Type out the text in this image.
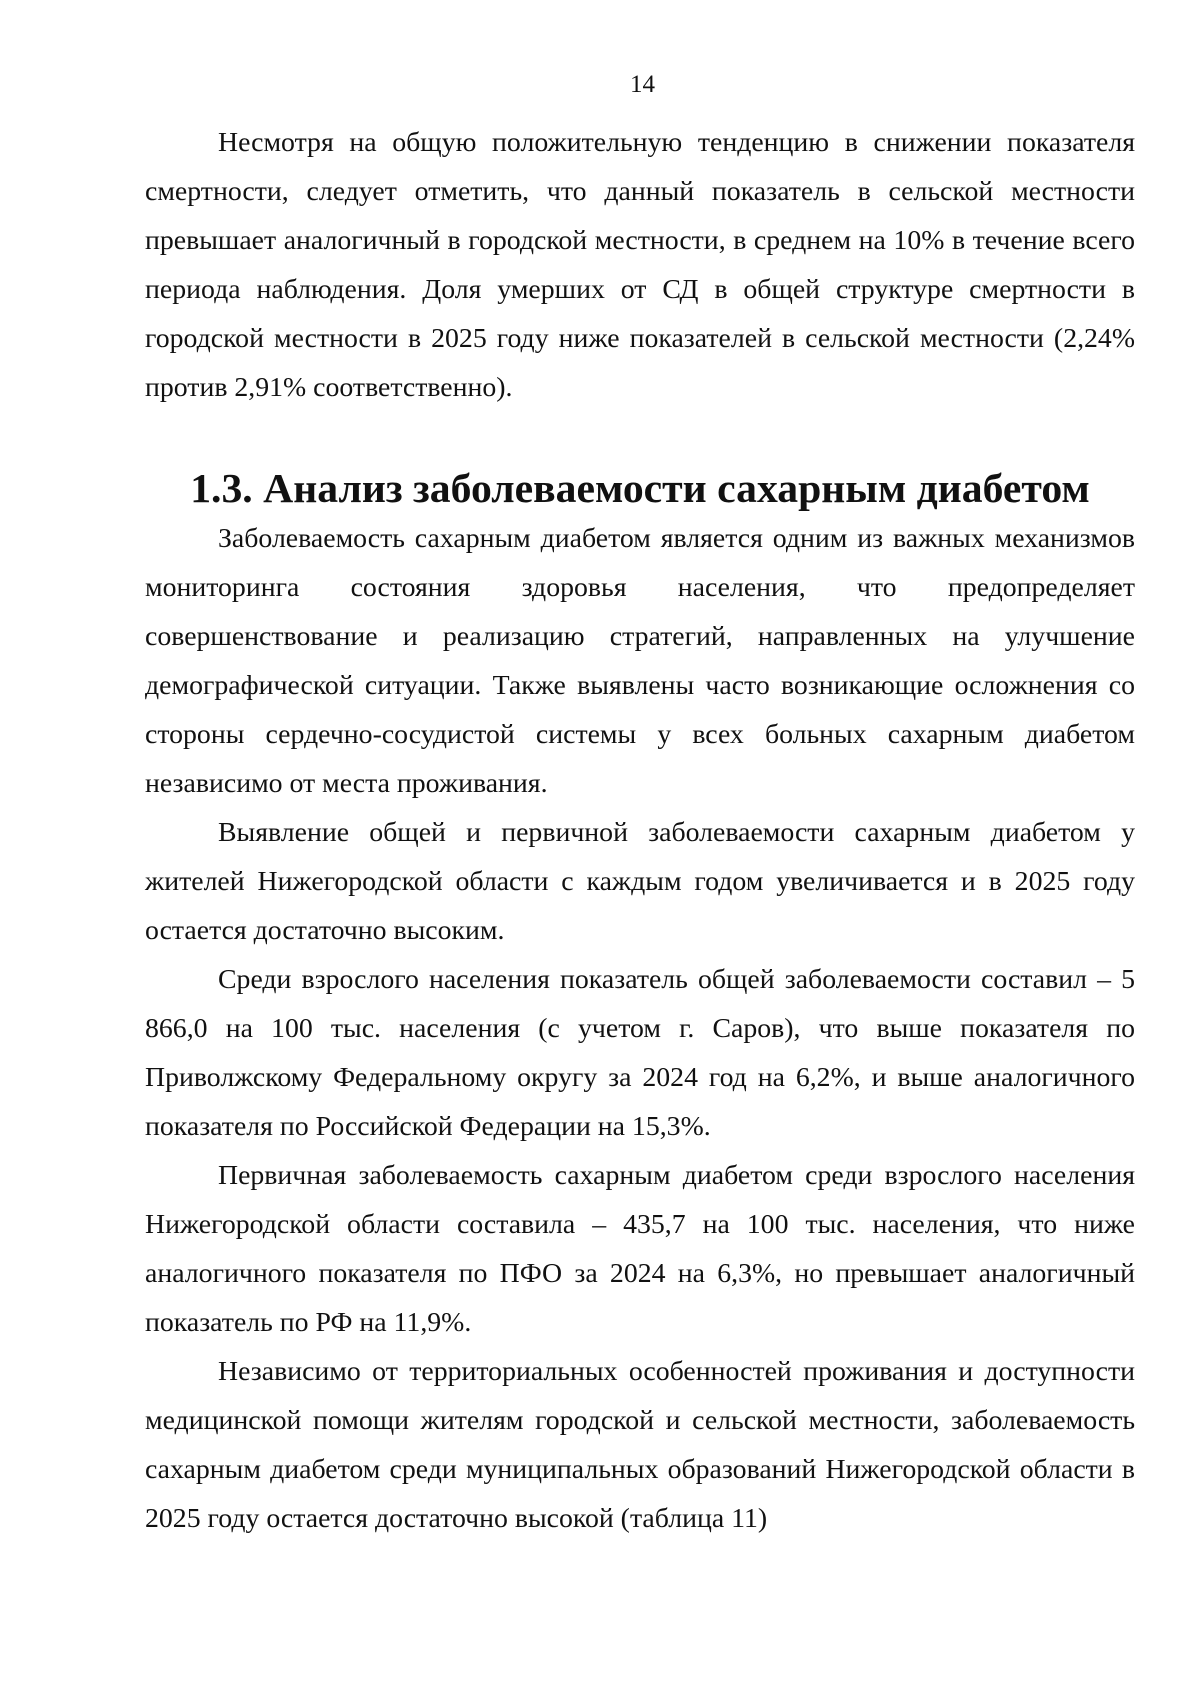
14

Несмотря на общую положительную тенденцию в снижении показателя смертности, следует отметить, что данный показатель в сельской местности превышает аналогичный в городской местности, в среднем на 10% в течение всего периода наблюдения. Доля умерших от СД в общей структуре смертности в городской местности в 2025 году ниже показателей в сельской местности (2,24% против 2,91% соответственно).

1.3. Анализ заболеваемости сахарным диабетом

Заболеваемость сахарным диабетом является одним из важных механизмов мониторинга состояния здоровья населения, что предопределяет совершенствование и реализацию стратегий, направленных на улучшение демографической ситуации. Также выявлены часто возникающие осложнения со стороны сердечно-сосудистой системы у всех больных сахарным диабетом независимо от места проживания.

Выявление общей и первичной заболеваемости сахарным диабетом у жителей Нижегородской области с каждым годом увеличивается и в 2025 году остается достаточно высоким.

Среди взрослого населения показатель общей заболеваемости составил – 5 866,0 на 100 тыс. населения (с учетом г. Саров), что выше показателя по Приволжскому Федеральному округу за 2024 год на 6,2%, и выше аналогичного показателя по Российской Федерации на 15,3%.

Первичная заболеваемость сахарным диабетом среди взрослого населения Нижегородской области составила – 435,7 на 100 тыс. населения, что ниже аналогичного показателя по ПФО за 2024 на 6,3%, но превышает аналогичный показатель по РФ на 11,9%.

Независимо от территориальных особенностей проживания и доступности медицинской помощи жителям городской и сельской местности, заболеваемость сахарным диабетом среди муниципальных образований Нижегородской области в 2025 году остается достаточно высокой (таблица 11)
